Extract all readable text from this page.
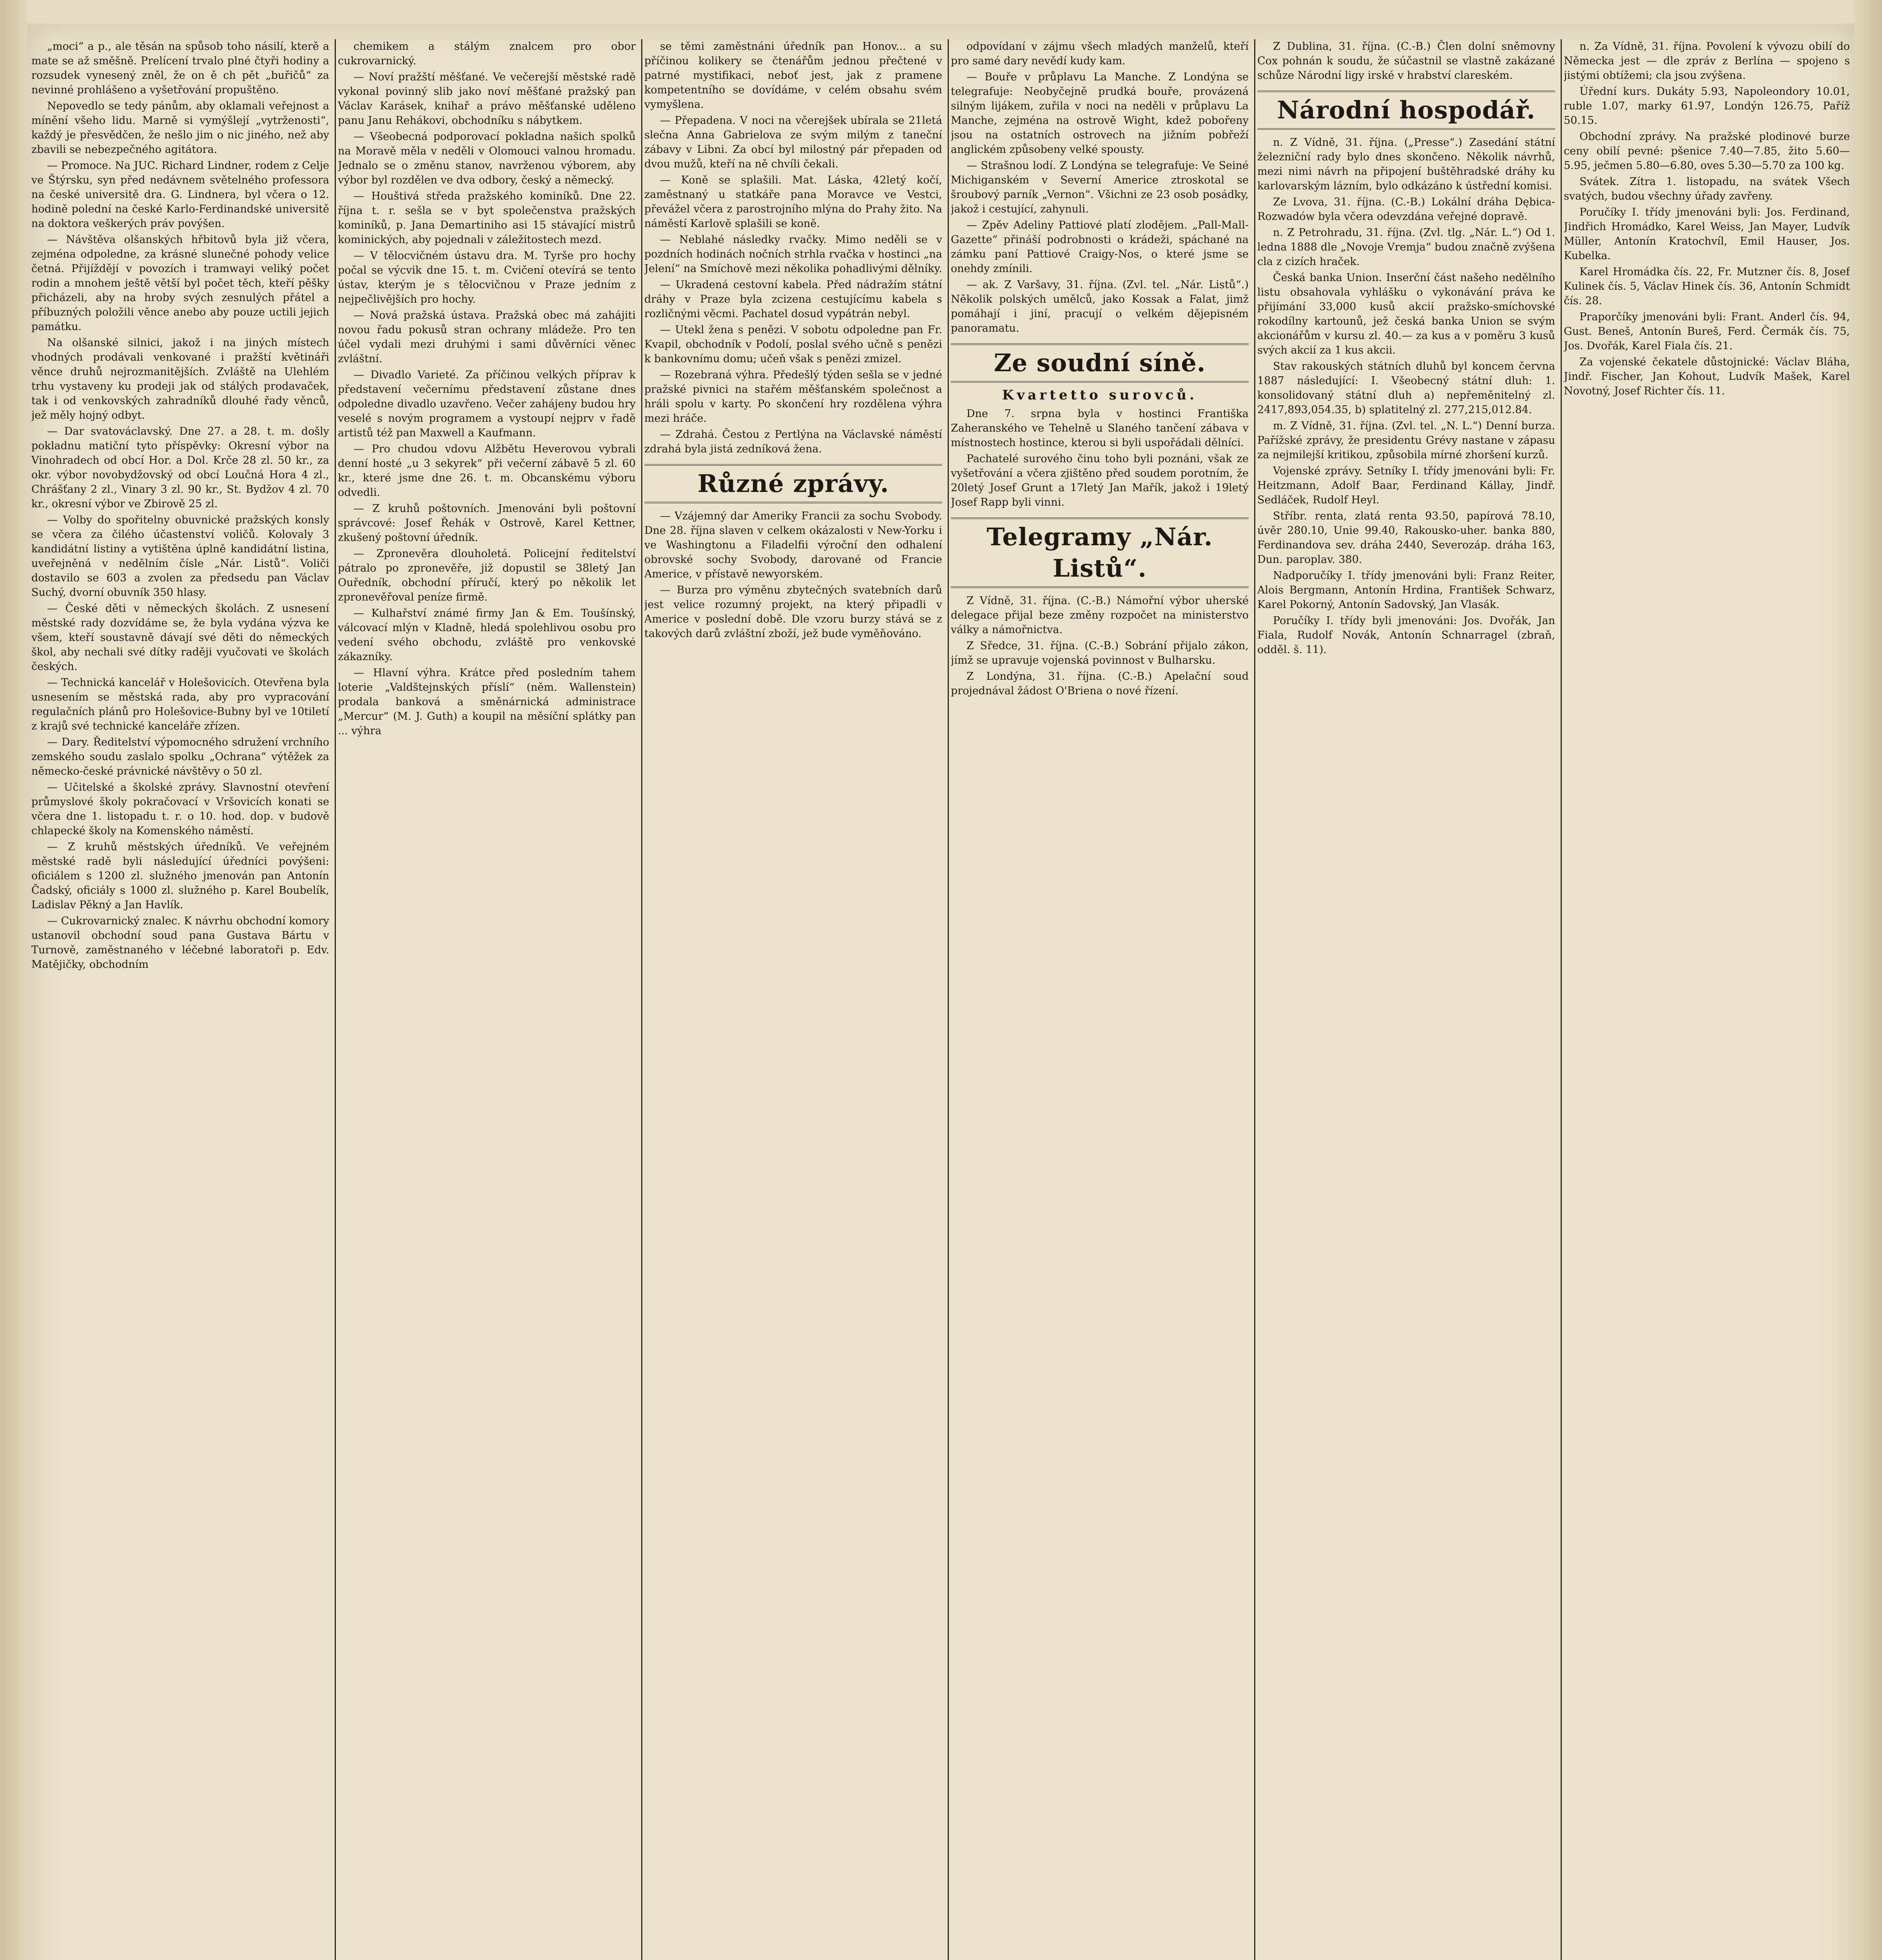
„moci“ a p., ale těsán na spůsob toho násilí, kterě a mate se až směšně. Prelícení trvalo plné čtyři hodiny a rozsudek vynesený zněl, že on ě ch pět „buřičů“ za nevinné prohlášeno a vyšetřování propuštěno.

Nepovedlo se tedy pánům, aby oklamali veřejnost a mínění všeho lidu. Marně si vymýšlejí „vytrženosti“, každý je přesvědčen, že nešlo jim o nic jiného, než aby zbavili se nebezpečného agitátora.

— Promoce. Na JUC. Richard Lindner, rodem z Celje ve Štýrsku, syn před nedávnem světelného professora na české universitě dra. G. Lindnera, byl včera o 12. hodině polední na české Karlo-Ferdinandské universitě na doktora veškerých práv povýšen.

— Návštěva olšanských hřbitovů byla již včera, zejména odpoledne, za krásné slunečné pohody velice četná. Přijíždějí v povozích i tramwayi veliký počet rodin a mnohem ještě větší byl počet těch, kteří pěšky přicházeli, aby na hroby svých zesnulých přátel a příbuzných položili věnce anebo aby pouze uctili jejich památku.

Na olšanské silnici, jakož i na jiných místech vhodných prodávali venkované i pražští květináři věnce druhů nejrozmanitějších. Zvláště na Ulehlém trhu vystaveny ku prodeji jak od stálých prodavaček, tak i od venkovských zahradníků dlouhé řady věnců, jež měly hojný odbyt.

— Dar svatováclavský. Dne 27. a 28. t. m. došly pokladnu matiční tyto příspěvky: Okresní výbor na Vinohradech od obcí Hor. a Dol. Krče 28 zl. 50 kr., za okr. výbor novobydžovský od obcí Loučná Hora 4 zl., Chrášťany 2 zl., Vinary 3 zl. 90 kr., St. Bydžov 4 zl. 70 kr., okresní výbor ve Zbirově 25 zl.

— Volby do spořitelny obuvnické pražských konsly se včera za čilého účastenství voličů. Kolovaly 3 kandidátní listiny a vytištěna úplně kandidátní listina, uveřejněná v nedělním čísle „Nár. Listů“. Voliči dostavilo se 603 a zvolen za předsedu pan Václav Suchý, dvorní obuvník 350 hlasy.

— České děti v německých školách. Z usnesení městské rady dozvídáme se, že byla vydána výzva ke všem, kteří soustavně dávají své děti do německých škol, aby nechali své dítky raději vyučovati ve školách českých.

— Technická kancelář v Holešovicích. Otevřena byla usnesením se městská rada, aby pro vypracování regulačních plánů pro Holešovice-Bubny byl ve 10tiletí z krajů své technické kanceláře zřízen.

— Dary. Ředitelství výpomocného sdružení vrchního zemského soudu zaslalo spolku „Ochrana“ výtěžek za německo-české právnické návštěvy o 50 zl.

— Učitelské a školské zprávy. Slavnostní otevření průmyslové školy pokračovací v Vršovicích konati se včera dne 1. listopadu t. r. o 10. hod. dop. v budově chlapecké školy na Komenského náměstí.

— Z kruhů městských úředníků. Ve veřejném městské radě byli následující úředníci povýšeni: oficiálem s 1200 zl. služného jmenován pan Antonín Čadský, oficiály s 1000 zl. služného p. Karel Boubelík, Ladislav Pěkný a Jan Havlík.

— Cukrovarnický znalec. K návrhu obchodní komory ustanovil obchodní soud pana Gustava Bártu v Turnově, zaměstnaného v léčebné laboratoři p. Edv. Matějičky, obchodním

chemikem a stálým znalcem pro obor cukrovarnický.

— Noví pražští měšťané. Ve večerejší městské radě vykonal povinný slib jako noví měšťané pražský pan Václav Karásek, knihař a právo měšťanské uděleno panu Janu Rehákovi, obchodníku s nábytkem.

— Všeobecná podporovací pokladna našich spolků na Moravě měla v neděli v Olomouci valnou hromadu. Jednalo se o změnu stanov, navrženou výborem, aby výbor byl rozdělen ve dva odbory, český a německý.

— Houštivá středa pražského kominíků. Dne 22. října t. r. sešla se v byt společenstva pražských kominíků, p. Jana Demartiniho asi 15 stávající mistrů kominických, aby pojednali v záležitostech mezd.

— V tělocvičném ústavu dra. M. Tyrše pro hochy počal se výcvik dne 15. t. m. Cvičení otevírá se tento ústav, kterým je s tělocvičnou v Praze jedním z nejpečlivějších pro hochy.

— Nová pražská ústava. Pražská obec má zahájiti novou řadu pokusů stran ochrany mládeže. Pro ten účel vydali mezi druhými i sami důvěrníci věnec zvláštní.

— Divadlo Varieté. Za příčinou velkých příprav k představení večernímu představení zůstane dnes odpoledne divadlo uzavřeno. Večer zahájeny budou hry veselé s novým programem a vystoupí nejprv v řadě artistů též pan Maxwell a Kaufmann.

— Pro chudou vdovu Alžbětu Heverovou vybrali denní hosté „u 3 sekyrek“ při večerní zábavě 5 zl. 60 kr., které jsme dne 26. t. m. Obcanskému výboru odvedli.

— Z kruhů poštovních. Jmenováni byli poštovní správcové: Josef Řehák v Ostrově, Karel Kettner, zkušený poštovní úředník.

— Zpronevěra dlouholetá. Policejní ředitelství pátralo po zpronevěře, již dopustil se 38letý Jan Ouředník, obchodní příručí, který po několik let zpronevěřoval peníze firmě.

— Kulhařství známé firmy Jan & Em. Toušínský, válcovací mlýn v Kladně, hledá spolehlivou osobu pro vedení svého obchodu, zvláště pro venkovské zákazníky.

— Hlavní výhra. Krátce před posledním tahem loterie „Valdštejnských příslí“ (něm. Wallenstein) prodala banková a směnárnická administrace „Mercur“ (M. J. Guth) a koupil na měsíční splátky pan ... výhra

se těmi zaměstnáni úředník pan Honov... a su příčinou kolikery se čtenářům jednou přečtené v patrné mystifikaci, neboť jest, jak z pramene kompetentního se dovídáme, v celém obsahu svém vymyšlena.

— Přepadena. V noci na včerejšek ubírala se 21letá slečna Anna Gabrielova ze svým milým z taneční zábavy v Libni. Za obcí byl milostný pár přepaden od dvou mužů, kteří na ně chvíli čekali.

— Koně se splašili. Mat. Láska, 42letý kočí, zaměstnaný u statkáře pana Moravce ve Vestci, převážel včera z parostrojního mlýna do Prahy žito. Na náměstí Karlově splašili se koně.

— Neblahé následky rvačky. Mimo neděli se v pozdních hodinách nočních strhla rvačka v hostinci „na Jelení“ na Smíchově mezi několika pohadlivými dělníky.

— Ukradená cestovní kabela. Před nádražím státní dráhy v Praze byla zcizena cestujícímu kabela s rozličnými věcmi. Pachatel dosud vypátrán nebyl.

— Utekl žena s penězi. V sobotu odpoledne pan Fr. Kvapil, obchodník v Podolí, poslal svého učně s penězi k bankovnímu domu; učeň však s penězi zmizel.

— Rozebraná výhra. Předešlý týden sešla se v jedné pražské pivnici na stařém měšťanském společnost a hráli spolu v karty. Po skončení hry rozdělena výhra mezi hráče.

— Zdrahá. Čestou z Pertlýna na Václavské náměstí zdrahá byla jistá zedníková žena.

Různé zprávy.

— Vzájemný dar Ameriky Francii za sochu Svobody. Dne 28. října slaven v celkem okázalosti v New-Yorku i ve Washingtonu a Filadelfii výroční den odhalení obrovské sochy Svobody, darované od Francie Americe, v přístavě newyorském.

— Burza pro výměnu zbytečných svatebních darů jest velice rozumný projekt, na který připadli v Americe v poslední době. Dle vzoru burzy stává se z takových darů zvláštní zboží, jež bude vyměňováno.

odpovídaní v zájmu všech mladých manželů, kteří pro samé dary nevědí kudy kam.

— Bouře v průplavu La Manche. Z Londýna se telegrafuje: Neobyčejně prudká bouře, provázená silným lijákem, zuřila v noci na neděli v průplavu La Manche, zejména na ostrově Wight, kdež pobořeny jsou na ostatních ostrovech na jižním pobřeží anglickém způsobeny velké spousty.

— Strašnou lodí. Z Londýna se telegrafuje: Ve Seiné Michiganském v Severní Americe ztroskotal se šroubový parník „Vernon“. Všichni ze 23 osob posádky, jakož i cestující, zahynuli.

— Zpěv Adeliny Pattiové platí zlodějem. „Pall-Mall-Gazette“ přináší podrobnosti o krádeži, spáchané na zámku paní Pattiové Craigy-Nos, o které jsme se onehdy zmínili.

— ak. Z Varšavy, 31. října. (Zvl. tel. „Nár. Listů“.) Několik polských umělců, jako Kossak a Falat, jimž pomáhají i jiní, pracují o velkém dějepisném panoramatu.

Ze soudní síně.
Kvartetto surovců.

Dne 7. srpna byla v hostinci Františka Zaheranského ve Tehelně u Slaného tančení zábava v místnostech hostince, kterou si byli uspořádali dělníci.

Pachatelé surového činu toho byli poznáni, však ze vyšetřování a včera zjištěno před soudem porotním, že 20letý Josef Grunt a 17letý Jan Mařík, jakož i 19letý Josef Rapp byli vinni.

Telegramy „Nár. Listů“.

Z Vídně, 31. října. (C.-B.) Námořní výbor uherské delegace přijal beze změny rozpočet na ministerstvo války a námořnictva.

Z Sředce, 31. října. (C.-B.) Sobrání přijalo zákon, jímž se upravuje vojenská povinnost v Bulharsku.

Z Londýna, 31. října. (C.-B.) Apelační soud projednával žádost O'Briena o nové řízení.

Z Dublina, 31. října. (C.-B.) Člen dolní sněmovny Cox pohnán k soudu, že súčastnil se vlastně zakázané schůze Národní ligy irské v hrabství clareském.

Národní hospodář.

n. Z Vídně, 31. října. („Presse“.) Zasedání státní železniční rady bylo dnes skončeno. Několik návrhů, mezi nimi návrh na připojení buštěhradské dráhy ku karlovarským lázním, bylo odkázáno k ústřední komisi.

Ze Lvova, 31. října. (C.-B.) Lokální dráha Dębica-Rozwadów byla včera odevzdána veřejné dopravě.

n. Z Petrohradu, 31. října. (Zvl. tlg. „Nár. L.“) Od 1. ledna 1888 dle „Novoje Vremja“ budou značně zvýšena cla z cizích hraček.

Česká banka Union. Inserční část našeho nedělního listu obsahovala vyhlášku o vykonávání práva ke přijímání 33,000 kusů akcií pražsko-smíchovské rokodílny kartounů, jež česká banka Union se svým akcionářům v kursu zl. 40.— za kus a v poměru 3 kusů svých akcií za 1 kus akcii.

Stav rakouských státních dluhů byl koncem června 1887 následující: I. Všeobecný státní dluh: 1. konsolidovaný státní dluh a) nepřeměnitelný zl. 2417,893,054.35, b) splatitelný zl. 277,215,012.84.

m. Z Vídně, 31. října. (Zvl. tel. „N. L.“) Denní burza. Pařížské zprávy, že presidentu Grévy nastane v zápasu za nejmilejší kritikou, způsobila mírné zhoršení kurzů.

Vojenské zprávy. Setníky I. třídy jmenováni byli: Fr. Heitzmann, Adolf Baar, Ferdinand Kállay, Jindř. Sedláček, Rudolf Heyl.

Stříbr. renta, zlatá renta 93.50, papírová 78.10, úvěr 280.10, Unie 99.40, Rakousko-uher. banka 880, Ferdinandova sev. dráha 2440, Severozáp. dráha 163, Dun. paroplav. 380.

Nadporučíky I. třídy jmenováni byli: Franz Reiter, Alois Bergmann, Antonín Hrdina, František Schwarz, Karel Pokorný, Antonín Sadovský, Jan Vlasák.

Poručíky I. třídy byli jmenováni: Jos. Dvořák, Jan Fiala, Rudolf Novák, Antonín Schnarragel (zbraň, odděl. š. 11).

n. Za Vídně, 31. října. Povolení k vývozu obilí do Německa jest — dle zpráv z Berlína — spojeno s jistými obtížemi; cla jsou zvýšena.

Úřední kurs. Dukáty 5.93, Napoleondory 10.01, ruble 1.07, marky 61.97, Londýn 126.75, Paříž 50.15.

Obchodní zprávy. Na pražské plodinové burze ceny obilí pevné: pšenice 7.40—7.85, žito 5.60—5.95, ječmen 5.80—6.80, oves 5.30—5.70 za 100 kg.

Svátek. Zítra 1. listopadu, na svátek Všech svatých, budou všechny úřady zavřeny.

Poručíky I. třídy jmenováni byli: Jos. Ferdinand, Jindřich Hromádko, Karel Weiss, Jan Mayer, Ludvík Müller, Antonín Kratochvíl, Emil Hauser, Jos. Kubelka.

Karel Hromádka čís. 22, Fr. Mutzner čís. 8, Josef Kulinek čís. 5, Václav Hinek čís. 36, Antonín Schmidt čís. 28.

Praporčíky jmenováni byli: Frant. Anderl čís. 94, Gust. Beneš, Antonín Bureš, Ferd. Čermák čís. 75, Jos. Dvořák, Karel Fiala čís. 21.

Za vojenské čekatele důstojnické: Václav Bláha, Jindř. Fischer, Jan Kohout, Ludvík Mašek, Karel Novotný, Josef Richter čís. 11.
